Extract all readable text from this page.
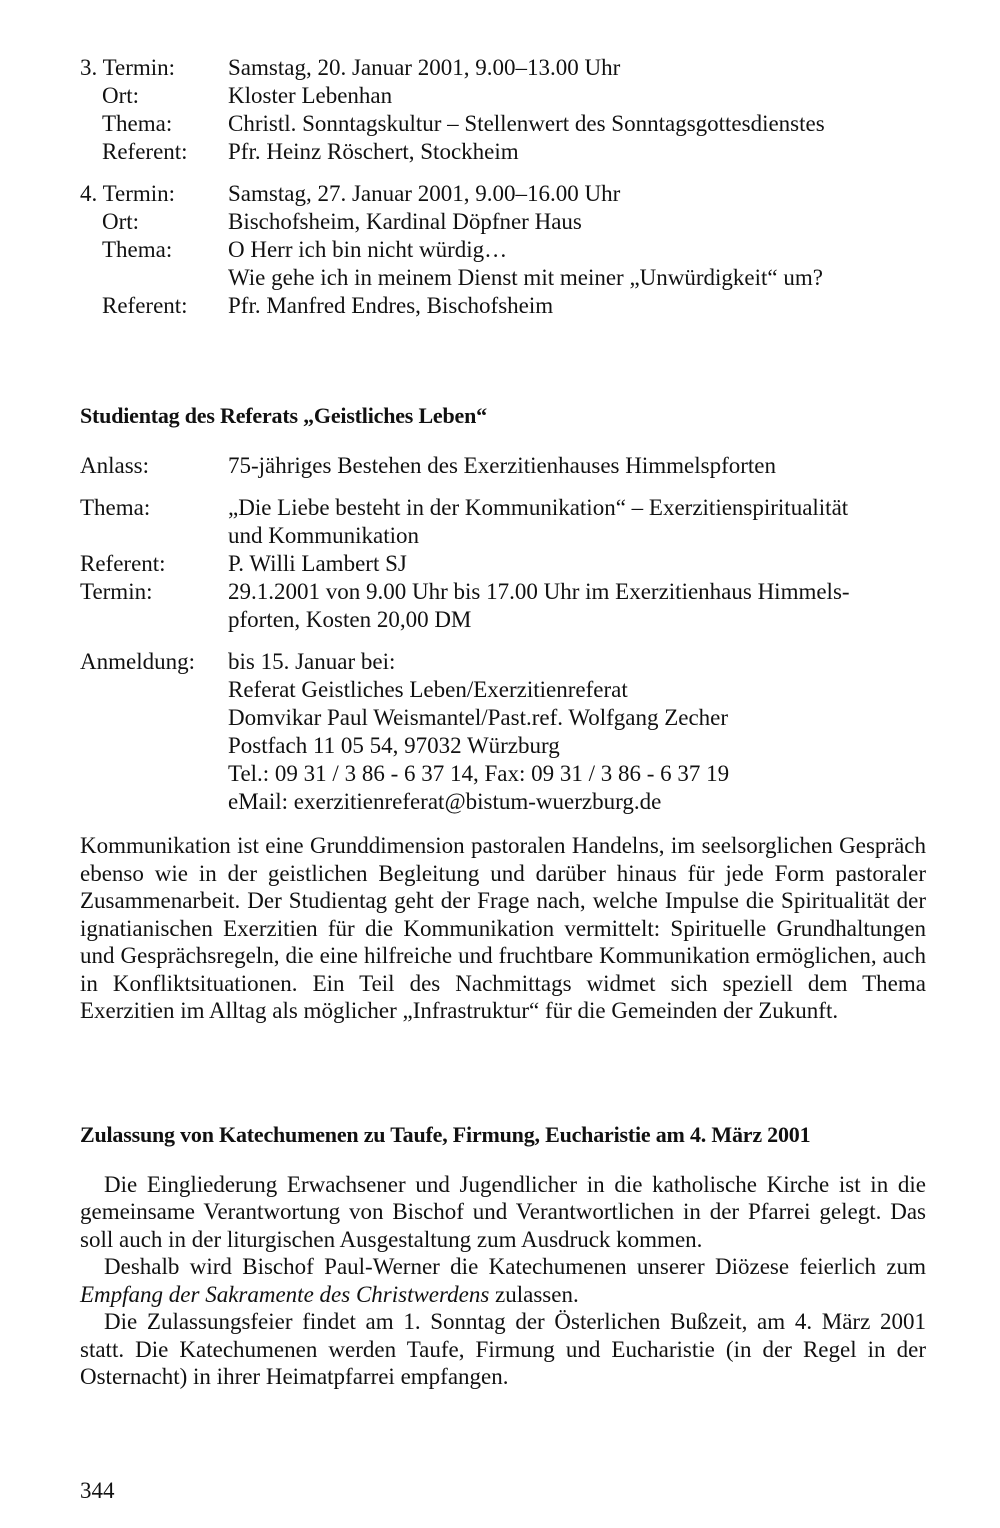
3. Termin:	Samstag, 20. Januar 2001, 9.00–13.00 Uhr
Ort:	Kloster Lebenhan
Thema:	Christl. Sonntagskultur – Stellenwert des Sonntagsgottesdienstes
Referent:	Pfr. Heinz Röschert, Stockheim
4. Termin:	Samstag, 27. Januar 2001, 9.00–16.00 Uhr
Ort:	Bischofsheim, Kardinal Döpfner Haus
Thema:	O Herr ich bin nicht würdig…
Wie gehe ich in meinem Dienst mit meiner „Unwürdigkeit“ um?
Referent:	Pfr. Manfred Endres, Bischofsheim
Studientag des Referats „Geistliches Leben“
Anlass:	75-jähriges Bestehen des Exerzitienhauses Himmelspforten
Thema:	„Die Liebe besteht in der Kommunikation“ – Exerzitienspiritualität
und Kommunikation
Referent:	P. Willi Lambert SJ
Termin:	29.1.2001 von 9.00 Uhr bis 17.00 Uhr im Exerzitienhaus Himmels-
pforten, Kosten 20,00 DM
Anmeldung:	bis 15. Januar bei:
Referat Geistliches Leben/Exerzitienreferat
Domvikar Paul Weismantel/Past.ref. Wolfgang Zecher
Postfach 11 05 54, 97032 Würzburg
Tel.: 09 31 / 3 86 - 6 37 14, Fax: 09 31 / 3 86 - 6 37 19
eMail: exerzitienreferat@bistum-wuerzburg.de

Kommunikation ist eine Grunddimension pastoralen Handelns, im seelsorglichen Gespräch ebenso wie in der geistlichen Begleitung und darüber hinaus für jede Form pastoraler Zusammenarbeit. Der Studientag geht der Frage nach, welche Impulse die Spiritualität der ignatianischen Exerzitien für die Kommunikation vermittelt: Spirituelle Grundhaltungen und Gesprächsregeln, die eine hilfreiche und fruchtbare Kommunikation ermöglichen, auch in Konfliktsituationen. Ein Teil des Nachmittags widmet sich speziell dem Thema Exerzitien im Alltag als möglicher „Infrastruktur“ für die Gemeinden der Zukunft.

Zulassung von Katechumenen zu Taufe, Firmung, Eucharistie am 4. März 2001

Die Eingliederung Erwachsener und Jugendlicher in die katholische Kirche ist in die gemeinsame Verantwortung von Bischof und Verantwortlichen in der Pfarrei gelegt. Das soll auch in der liturgischen Ausgestaltung zum Ausdruck kommen.

Deshalb wird Bischof Paul-Werner die Katechumenen unserer Diözese feierlich zum Empfang der Sakramente des Christwerdens zulassen.

Die Zulassungsfeier findet am 1. Sonntag der Österlichen Bußzeit, am 4. März 2001 statt. Die Katechumenen werden Taufe, Firmung und Eucharistie (in der Regel in der Osternacht) in ihrer Heimatpfarrei empfangen.

344
